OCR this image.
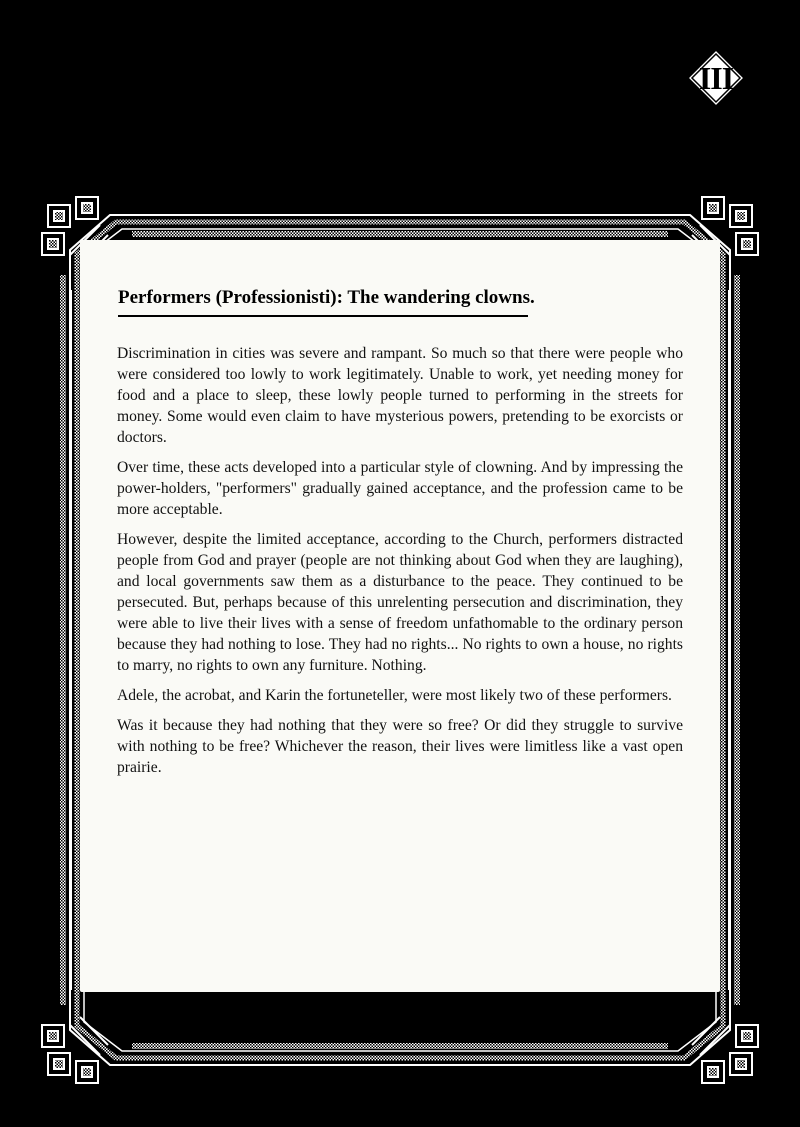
III
Performers (Professionisti): The wandering clowns.

Discrimination in cities was severe and rampant. So much so that there were people who were considered too lowly to work legitimately. Unable to work, yet needing money for food and a place to sleep, these lowly people turned to performing in the streets for money. Some would even claim to have mysterious powers, pretending to be exorcists or doctors.

Over time, these acts developed into a particular style of clowning. And by impressing the power-holders, "performers" gradually gained acceptance, and the profession came to be more acceptable.

However, despite the limited acceptance, according to the Church, performers distracted people from God and prayer (people are not thinking about God when they are laughing), and local governments saw them as a disturbance to the peace. They continued to be persecuted. But, perhaps because of this unrelenting persecution and discrimination, they were able to live their lives with a sense of freedom unfathomable to the ordinary person because they had nothing to lose. They had no rights... No rights to own a house, no rights to marry, no rights to own any furniture. Nothing.

Adele, the acrobat, and Karin the fortuneteller, were most likely two of these performers.

Was it because they had nothing that they were so free? Or did they struggle to survive with nothing to be free? Whichever the reason, their lives were limitless like a vast open prairie.
